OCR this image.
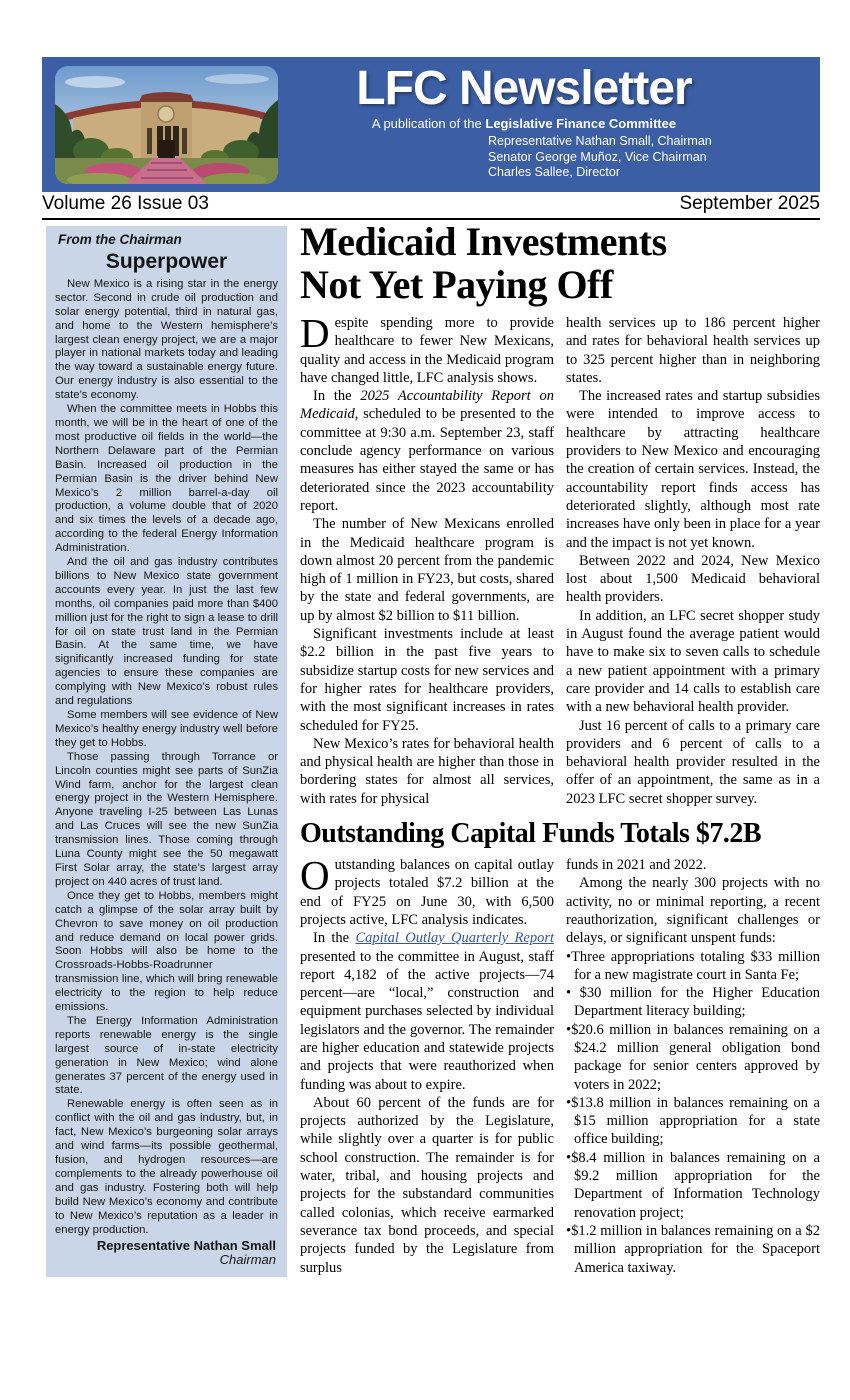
LFC Newsletter
A publication of the Legislative Finance Committee
Representative Nathan Small, Chairman
Senator George Muñoz, Vice Chairman
Charles Sallee, Director
Volume 26 Issue 03	September 2025
From the Chairman
Superpower

New Mexico is a rising star in the energy sector. Second in crude oil production and solar energy potential, third in natural gas, and home to the Western hemisphere’s largest clean energy project, we are a major player in national markets today and leading the way toward a sustainable energy future. Our energy industry is also essential to the state’s economy.

When the committee meets in Hobbs this month, we will be in the heart of one of the most productive oil fields in the world—the Northern Delaware part of the Permian Basin. Increased oil production in the Permian Basin is the driver behind New Mexico’s 2 million barrel-a-day oil production, a volume double that of 2020 and six times the levels of a decade ago, according to the federal Energy Information Administration.

And the oil and gas industry contributes billions to New Mexico state government accounts every year. In just the last few months, oil companies paid more than $400 million just for the right to sign a lease to drill for oil on state trust land in the Permian Basin. At the same time, we have significantly increased funding for state agencies to ensure these companies are complying with New Mexico’s robust rules and regulations

Some members will see evidence of New Mexico’s healthy energy industry well before they get to Hobbs.

Those passing through Torrance or Lincoln counties might see parts of SunZia Wind farm, anchor for the largest clean energy project in the Western Hemisphere. Anyone traveling I-25 between Las Lunas and Las Cruces will see the new SunZia transmission lines. Those coming through Luna County might see the 50 megawatt First Solar array, the state’s largest array project on 440 acres of trust land.

Once they get to Hobbs, members might catch a glimpse of the solar array built by Chevron to save money on oil production and reduce demand on local power grids. Soon Hobbs will also be home to the Crossroads-Hobbs-Roadrunner transmission line, which will bring renewable electricity to the region to help reduce emissions.

The Energy Information Administration reports renewable energy is the single largest source of in-state electricity generation in New Mexico; wind alone generates 37 percent of the energy used in state.

Renewable energy is often seen as in conflict with the oil and gas industry, but, in fact, New Mexico’s burgeoning solar arrays and wind farms—its possible geothermal, fusion, and hydrogen resources—are complements to the already powerhouse oil and gas industry. Fostering both will help build New Mexico’s economy and contribute to New Mexico’s reputation as a leader in energy production.

Representative Nathan Small
Chairman
Medicaid Investments
Not Yet Paying Off

Despite spending more to provide healthcare to fewer New Mexicans, quality and access in the Medicaid program have changed little, LFC analysis shows.

In the 2025 Accountability Report on Medicaid, scheduled to be presented to the committee at 9:30 a.m. September 23, staff conclude agency performance on various measures has either stayed the same or has deteriorated since the 2023 accountability report.

The number of New Mexicans enrolled in the Medicaid healthcare program is down almost 20 percent from the pandemic high of 1 million in FY23, but costs, shared by the state and federal governments, are up by almost $2 billion to $11 billion.

Significant investments include at least $2.2 billion in the past five years to subsidize startup costs for new services and for higher rates for healthcare providers, with the most significant increases in rates scheduled for FY25.

New Mexico’s rates for behavioral health and physical health are higher than those in bordering states for almost all services, with rates for physical

health services up to 186 percent higher and rates for behavioral health services up to 325 percent higher than in neighboring states.

The increased rates and startup subsidies were intended to improve access to healthcare by attracting healthcare providers to New Mexico and encouraging the creation of certain services. Instead, the accountability report finds access has deteriorated slightly, although most rate increases have only been in place for a year and the impact is not yet known.

Between 2022 and 2024, New Mexico lost about 1,500 Medicaid behavioral health providers.

In addition, an LFC secret shopper study in August found the average patient would have to make six to seven calls to schedule a new patient appointment with a primary care provider and 14 calls to establish care with a new behavioral health provider.

Just 16 percent of calls to a primary care providers and 6 percent of calls to a behavioral health provider resulted in the offer of an appointment, the same as in a 2023 LFC secret shopper survey.

Outstanding Capital Funds Totals $7.2B

Outstanding balances on capital outlay projects totaled $7.2 billion at the end of FY25 on June 30, with 6,500 projects active, LFC analysis indicates.

In the Capital Outlay Quarterly Report presented to the committee in August, staff report 4,182 of the active projects—74 percent—are “local,” construction and equipment purchases selected by individual legislators and the governor. The remainder are higher education and statewide projects and projects that were reauthorized when funding was about to expire.

About 60 percent of the funds are for projects authorized by the Legislature, while slightly over a quarter is for public school construction. The remainder is for water, tribal, and housing projects and projects for the substandard communities called colonias, which receive earmarked severance tax bond proceeds, and special projects funded by the Legislature from surplus

funds in 2021 and 2022.

Among the nearly 300 projects with no activity, no or minimal reporting, a recent reauthorization, significant challenges or delays, or significant unspent funds:

•Three appropriations totaling $33 million for a new magistrate court in Santa Fe;

• $30 million for the Higher Education Department literacy building;

•$20.6 million in balances remaining on a $24.2 million general obligation bond package for senior centers approved by voters in 2022;

•$13.8 million in balances remaining on a $15 million appropriation for a state office building;

•$8.4 million in balances remaining on a $9.2 million appropriation for the Department of Information Technology renovation project;

•$1.2 million in balances remaining on a $2 million appropriation for the Spaceport America taxiway.
